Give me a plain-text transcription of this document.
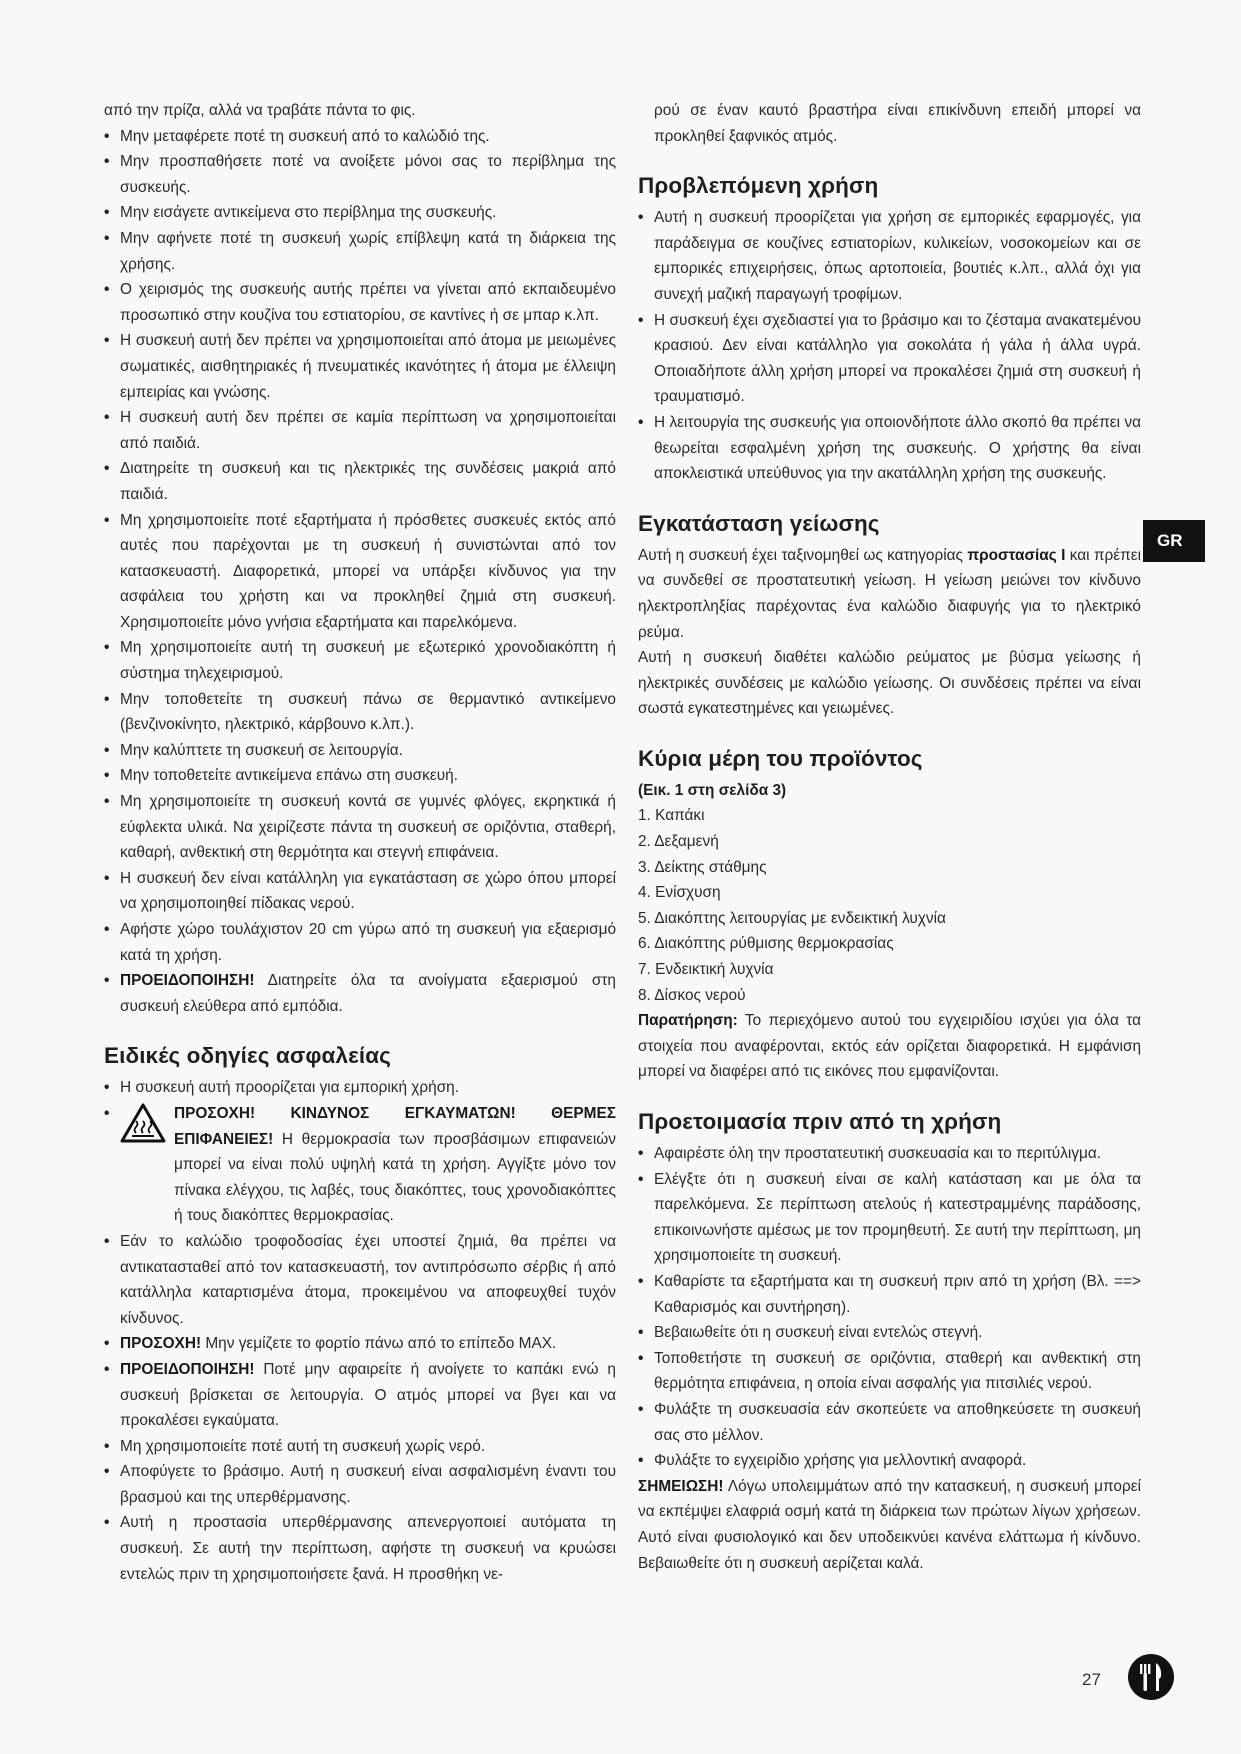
από την πρίζα, αλλά να τραβάτε πάντα το φις.

• Μην μεταφέρετε ποτέ τη συσκευή από το καλώδιό της.
• Μην προσπαθήσετε ποτέ να ανοίξετε μόνοι σας το περίβλημα της συσκευής.
• Μην εισάγετε αντικείμενα στο περίβλημα της συσκευής.
• Μην αφήνετε ποτέ τη συσκευή χωρίς επίβλεψη κατά τη διάρκεια της χρήσης.
• Ο χειρισμός της συσκευής αυτής πρέπει να γίνεται από εκπαιδευμένο προσωπικό στην κουζίνα του εστιατορίου, σε καντίνες ή σε μπαρ κ.λπ.
• Η συσκευή αυτή δεν πρέπει να χρησιμοποιείται από άτομα με μειωμένες σωματικές, αισθητηριακές ή πνευματικές ικανότητες ή άτομα με έλλειψη εμπειρίας και γνώσης.
• Η συσκευή αυτή δεν πρέπει σε καμία περίπτωση να χρησιμοποιείται από παιδιά.
• Διατηρείτε τη συσκευή και τις ηλεκτρικές της συνδέσεις μακριά από παιδιά.
• Μη χρησιμοποιείτε ποτέ εξαρτήματα ή πρόσθετες συσκευές εκτός από αυτές που παρέχονται με τη συσκευή ή συνιστώνται από τον κατασκευαστή. Διαφορετικά, μπορεί να υπάρξει κίνδυνος για την ασφάλεια του χρήστη και να προκληθεί ζημιά στη συσκευή. Χρησιμοποιείτε μόνο γνήσια εξαρτήματα και παρελκόμενα.
• Μη χρησιμοποιείτε αυτή τη συσκευή με εξωτερικό χρονοδιακόπτη ή σύστημα τηλεχειρισμού.
• Μην τοποθετείτε τη συσκευή πάνω σε θερμαντικό αντικείμενο (βενζινοκίνητο, ηλεκτρικό, κάρβουνο κ.λπ.).
• Μην καλύπτετε τη συσκευή σε λειτουργία.
• Μην τοποθετείτε αντικείμενα επάνω στη συσκευή.
• Μη χρησιμοποιείτε τη συσκευή κοντά σε γυμνές φλόγες, εκρηκτικά ή εύφλεκτα υλικά. Να χειρίζεστε πάντα τη συσκευή σε οριζόντια, σταθερή, καθαρή, ανθεκτική στη θερμότητα και στεγνή επιφάνεια.
• Η συσκευή δεν είναι κατάλληλη για εγκατάσταση σε χώρο όπου μπορεί να χρησιμοποιηθεί πίδακας νερού.
• Αφήστε χώρο τουλάχιστον 20 cm γύρω από τη συσκευή για εξαερισμό κατά τη χρήση.
• ΠΡΟΕΙΔΟΠΟΙΗΣΗ! Διατηρείτε όλα τα ανοίγματα εξαερισμού στη συσκευή ελεύθερα από εμπόδια.
Ειδικές οδηγίες ασφαλείας
• Η συσκευή αυτή προορίζεται για εμπορική χρήση.
• ΠΡΟΣΟΧΗ! ΚΙΝΔΥΝΟΣ ΕΓΚΑΥΜΑΤΩΝ! ΘΕΡΜΕΣ ΕΠΙΦΑΝΕΙΕΣ! Η θερμοκρασία των προσβάσιμων επιφανειών μπορεί να είναι πολύ υψηλή κατά τη χρήση. Αγγίξτε μόνο τον πίνακα ελέγχου, τις λαβές, τους διακόπτες, τους χρονοδιακόπτες ή τους διακόπτες θερμοκρασίας.
• Εάν το καλώδιο τροφοδοσίας έχει υποστεί ζημιά, θα πρέπει να αντικατασταθεί από τον κατασκευαστή, τον αντιπρόσωπο σέρβις ή από κατάλληλα καταρτισμένα άτομα, προκειμένου να αποφευχθεί τυχόν κίνδυνος.
• ΠΡΟΣΟΧΗ! Μην γεμίζετε το φορτίο πάνω από το επίπεδο MAX.
• ΠΡΟΕΙΔΟΠΟΙΗΣΗ! Ποτέ μην αφαιρείτε ή ανοίγετε το καπάκι ενώ η συσκευή βρίσκεται σε λειτουργία. Ο ατμός μπορεί να βγει και να προκαλέσει εγκαύματα.
• Μη χρησιμοποιείτε ποτέ αυτή τη συσκευή χωρίς νερό.
• Αποφύγετε το βράσιμο. Αυτή η συσκευή είναι ασφαλισμένη έναντι του βρασμού και της υπερθέρμανσης.
• Αυτή η προστασία υπερθέρμανσης απενεργοποιεί αυτόματα τη συσκευή. Σε αυτή την περίπτωση, αφήστε τη συσκευή να κρυώσει εντελώς πριν τη χρησιμοποιήσετε ξανά. Η προσθήκη νε-

ρού σε έναν καυτό βραστήρα είναι επικίνδυνη επειδή μπορεί να προκληθεί ξαφνικός ατμός.

Προβλεπόμενη χρήση
• Αυτή η συσκευή προορίζεται για χρήση σε εμπορικές εφαρμογές, για παράδειγμα σε κουζίνες εστιατορίων, κυλικείων, νοσοκομείων και σε εμπορικές επιχειρήσεις, όπως αρτοποιεία, βουτιές κ.λπ., αλλά όχι για συνεχή μαζική παραγωγή τροφίμων.
• Η συσκευή έχει σχεδιαστεί για το βράσιμο και το ζέσταμα ανακατεμένου κρασιού. Δεν είναι κατάλληλο για σοκολάτα ή γάλα ή άλλα υγρά. Οποιαδήποτε άλλη χρήση μπορεί να προκαλέσει ζημιά στη συσκευή ή τραυματισμό.
• Η λειτουργία της συσκευής για οποιονδήποτε άλλο σκοπό θα πρέπει να θεωρείται εσφαλμένη χρήση της συσκευής. Ο χρήστης θα είναι αποκλειστικά υπεύθυνος για την ακατάλληλη χρήση της συσκευής.
Εγκατάσταση γείωσης

Αυτή η συσκευή έχει ταξινομηθεί ως κατηγορίας προστασίας I και πρέπει να συνδεθεί σε προστατευτική γείωση. Η γείωση μειώνει τον κίνδυνο ηλεκτροπληξίας παρέχοντας ένα καλώδιο διαφυγής για το ηλεκτρικό ρεύμα.

Αυτή η συσκευή διαθέτει καλώδιο ρεύματος με βύσμα γείωσης ή ηλεκτρικές συνδέσεις με καλώδιο γείωσης. Οι συνδέσεις πρέπει να είναι σωστά εγκατεστημένες και γειωμένες.

Κύρια μέρη του προϊόντος

(Εικ. 1 στη σελίδα 3)

1. Καπάκι
2. Δεξαμενή
3. Δείκτης στάθμης
4. Ενίσχυση
5. Διακόπτης λειτουργίας με ενδεικτική λυχνία
6. Διακόπτης ρύθμισης θερμοκρασίας
7. Ενδεικτική λυχνία
8. Δίσκος νερού

Παρατήρηση: Το περιεχόμενο αυτού του εγχειριδίου ισχύει για όλα τα στοιχεία που αναφέρονται, εκτός εάν ορίζεται διαφορετικά. Η εμφάνιση μπορεί να διαφέρει από τις εικόνες που εμφανίζονται.

Προετοιμασία πριν από τη χρήση
• Αφαιρέστε όλη την προστατευτική συσκευασία και το περιτύλιγμα.
• Ελέγξτε ότι η συσκευή είναι σε καλή κατάσταση και με όλα τα παρελκόμενα. Σε περίπτωση ατελούς ή κατεστραμμένης παράδοσης, επικοινωνήστε αμέσως με τον προμηθευτή. Σε αυτή την περίπτωση, μη χρησιμοποιείτε τη συσκευή.
• Καθαρίστε τα εξαρτήματα και τη συσκευή πριν από τη χρήση (Βλ. ==> Καθαρισμός και συντήρηση).
• Βεβαιωθείτε ότι η συσκευή είναι εντελώς στεγνή.
• Τοποθετήστε τη συσκευή σε οριζόντια, σταθερή και ανθεκτική στη θερμότητα επιφάνεια, η οποία είναι ασφαλής για πιτσιλιές νερού.
• Φυλάξτε τη συσκευασία εάν σκοπεύετε να αποθηκεύσετε τη συσκευή σας στο μέλλον.
• Φυλάξτε το εγχειρίδιο χρήσης για μελλοντική αναφορά.

ΣΗΜΕΙΩΣΗ! Λόγω υπολειμμάτων από την κατασκευή, η συσκευή μπορεί να εκπέμψει ελαφριά οσμή κατά τη διάρκεια των πρώτων λίγων χρήσεων. Αυτό είναι φυσιολογικό και δεν υποδεικνύει κανένα ελάττωμα ή κίνδυνο. Βεβαιωθείτε ότι η συσκευή αερίζεται καλά.

GR
27
